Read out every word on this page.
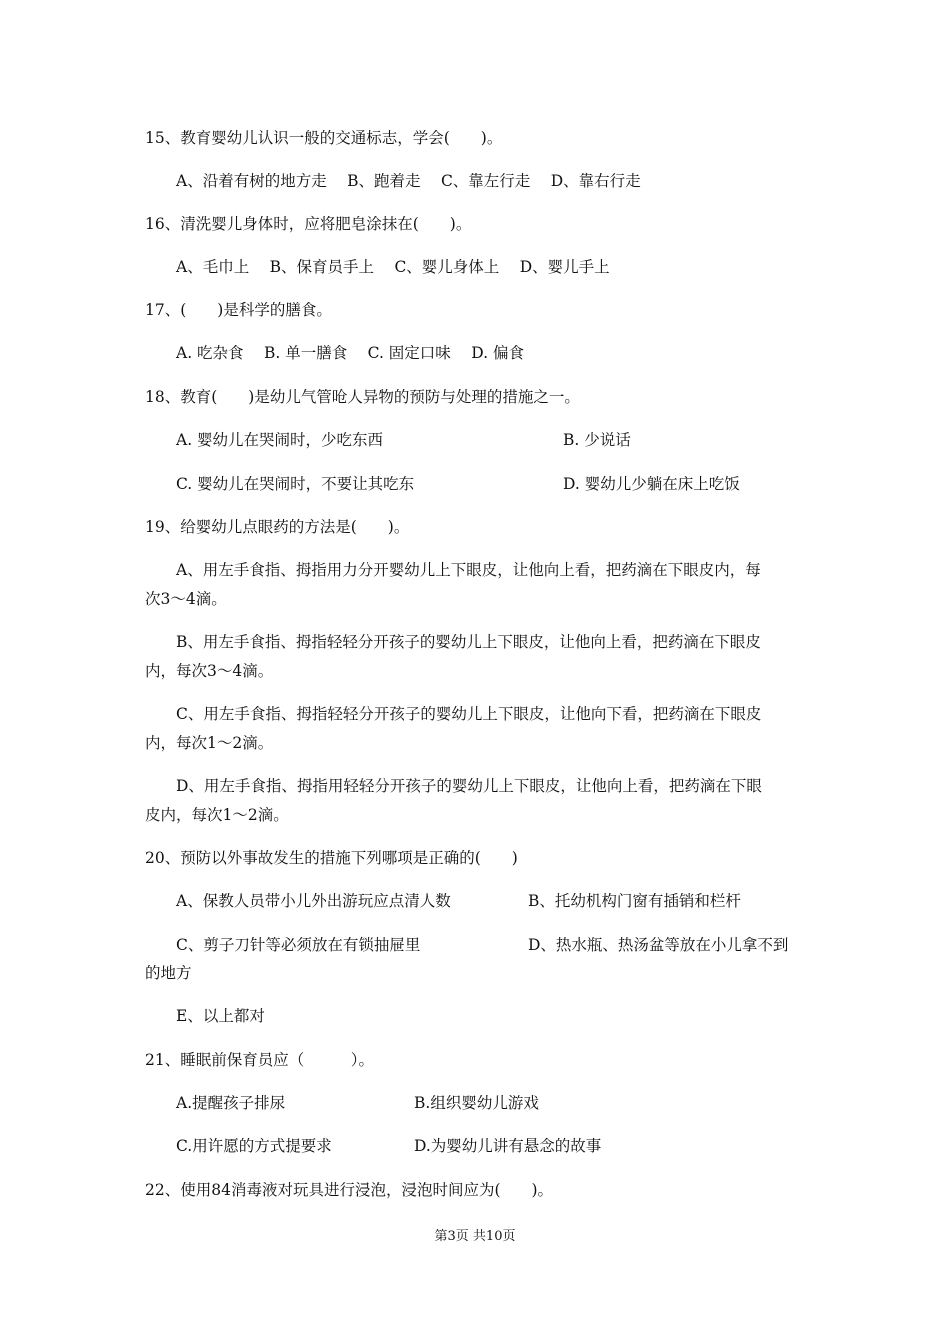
15、教育婴幼儿认识一般的交通标志，学会(　　)。
A、沿着有树的地方走　 B、跑着走　 C、靠左行走　 D、靠右行走
16、清洗婴儿身体时，应将肥皂涂抹在(　　)。
A、毛巾上　 B、保育员手上　 C、婴儿身体上　 D、婴儿手上
17、(　　)是科学的膳食。
A. 吃杂食　 B. 单一膳食　 C. 固定口味　 D. 偏食
18、教育(　　)是幼儿气管呛人异物的预防与处理的措施之一。
A. 婴幼儿在哭闹时，少吃东西	B. 少说话
C. 婴幼儿在哭闹时，不要让其吃东	D. 婴幼儿少躺在床上吃饭
19、给婴幼儿点眼药的方法是(　　)。
A、用左手食指、拇指用力分开婴幼儿上下眼皮，让他向上看，把药滴在下眼皮内，每
次3～4滴。
B、用左手食指、拇指轻轻分开孩子的婴幼儿上下眼皮，让他向上看，把药滴在下眼皮
内，每次3～4滴。
C、用左手食指、拇指轻轻分开孩子的婴幼儿上下眼皮，让他向下看，把药滴在下眼皮
内，每次1～2滴。
D、用左手食指、拇指用轻轻分开孩子的婴幼儿上下眼皮，让他向上看，把药滴在下眼
皮内，每次1～2滴。
20、预防以外事故发生的措施下列哪项是正确的(　　)
A、保教人员带小儿外出游玩应点清人数	B、托幼机构门窗有插销和栏杆
C、剪子刀针等必须放在有锁抽屉里	D、热水瓶、热汤盆等放在小儿拿不到
的地方
E、以上都对
21、睡眠前保育员应（　　　）。
A.提醒孩子排尿	B.组织婴幼儿游戏
C.用许愿的方式提要求	D.为婴幼儿讲有悬念的故事
22、使用84消毒液对玩具进行浸泡，浸泡时间应为(　　)。
第3页 共10页
